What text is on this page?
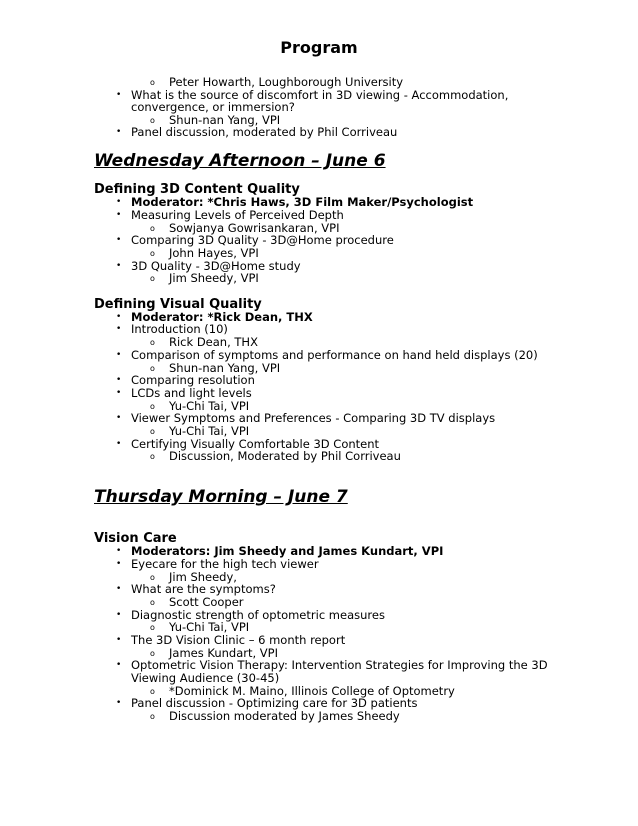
Program
o Peter Howarth, Loughborough University
• What is the source of discomfort in 3D viewing - Accommodation,
convergence, or immersion?
o Shun-nan Yang, VPI
• Panel discussion, moderated by Phil Corriveau
Wednesday Afternoon – June 6
Defining 3D Content Quality
• Moderator: *Chris Haws, 3D Film Maker/Psychologist
• Measuring Levels of Perceived Depth
o Sowjanya Gowrisankaran, VPI
• Comparing 3D Quality - 3D@Home procedure
o John Hayes, VPI
• 3D Quality - 3D@Home study
o Jim Sheedy, VPI
Defining Visual Quality
• Moderator: *Rick Dean, THX
• Introduction (10)
o Rick Dean, THX
• Comparison of symptoms and performance on hand held displays (20)
o Shun-nan Yang, VPI
• Comparing resolution
• LCDs and light levels
o Yu-Chi Tai, VPI
• Viewer Symptoms and Preferences - Comparing 3D TV displays
o Yu-Chi Tai, VPI
• Certifying Visually Comfortable 3D Content
o Discussion, Moderated by Phil Corriveau
Thursday Morning – June 7
Vision Care
• Moderators: Jim Sheedy and James Kundart, VPI
• Eyecare for the high tech viewer
o Jim Sheedy,
• What are the symptoms?
o Scott Cooper
• Diagnostic strength of optometric measures
o Yu-Chi Tai, VPI
• The 3D Vision Clinic – 6 month report
o James Kundart, VPI
• Optometric Vision Therapy: Intervention Strategies for Improving the 3D
Viewing Audience (30-45)
o *Dominick M. Maino, Illinois College of Optometry
• Panel discussion - Optimizing care for 3D patients
o Discussion moderated by James Sheedy
